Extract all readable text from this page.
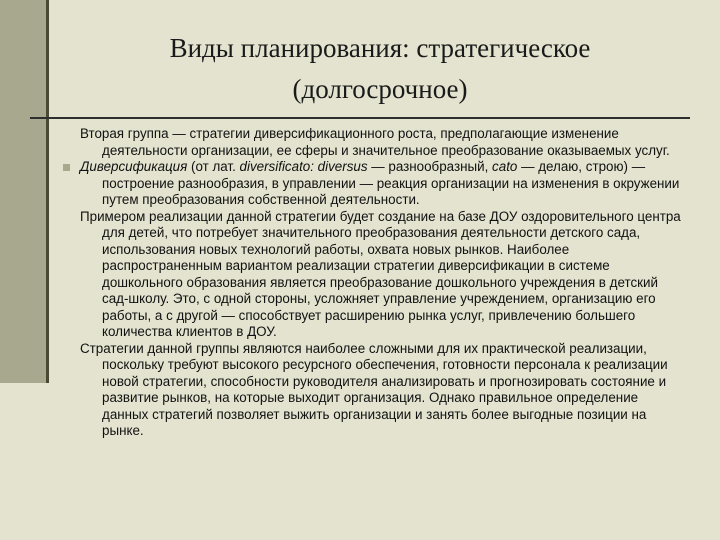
Виды планирования: стратегическое
(долгосрочное)

Вторая группа — стратегии диверсификационного роста, предполагающие изменение деятельности организации, ее сферы и значительное преобразование оказываемых услуг.

Диверсификация (от лат. diversificato: diversus — разнообразный, cato — делаю, строю) — построение разнообразия, в управлении — реакция организации на изменения в окружении путем преобразования собственной деятельности.

Примером реализации данной стратегии будет создание на базе ДОУ оздоровительного центра для детей, что потребует значительного преобразования деятельности детского сада, использования новых технологий работы, охвата новых рынков. Наиболее распространенным вариантом реализации стратегии диверсификации в системе дошкольного образования является преобразование дошкольного учреждения в детский сад-школу. Это, с одной стороны, усложняет управление учреждением, организацию его работы, а с другой — способствует расширению рынка услуг, привлечению большего количества клиентов в ДОУ.

Стратегии данной группы являются наиболее сложными для их практической реализации, поскольку требуют высокого ресурсного обеспечения, готовности персонала к реализации новой стратегии, способности руководителя анализировать и прогнозировать состояние и развитие рынков, на которые выходит организация. Однако правильное определение данных стратегий позволяет выжить организации и занять более выгодные позиции на рынке.
